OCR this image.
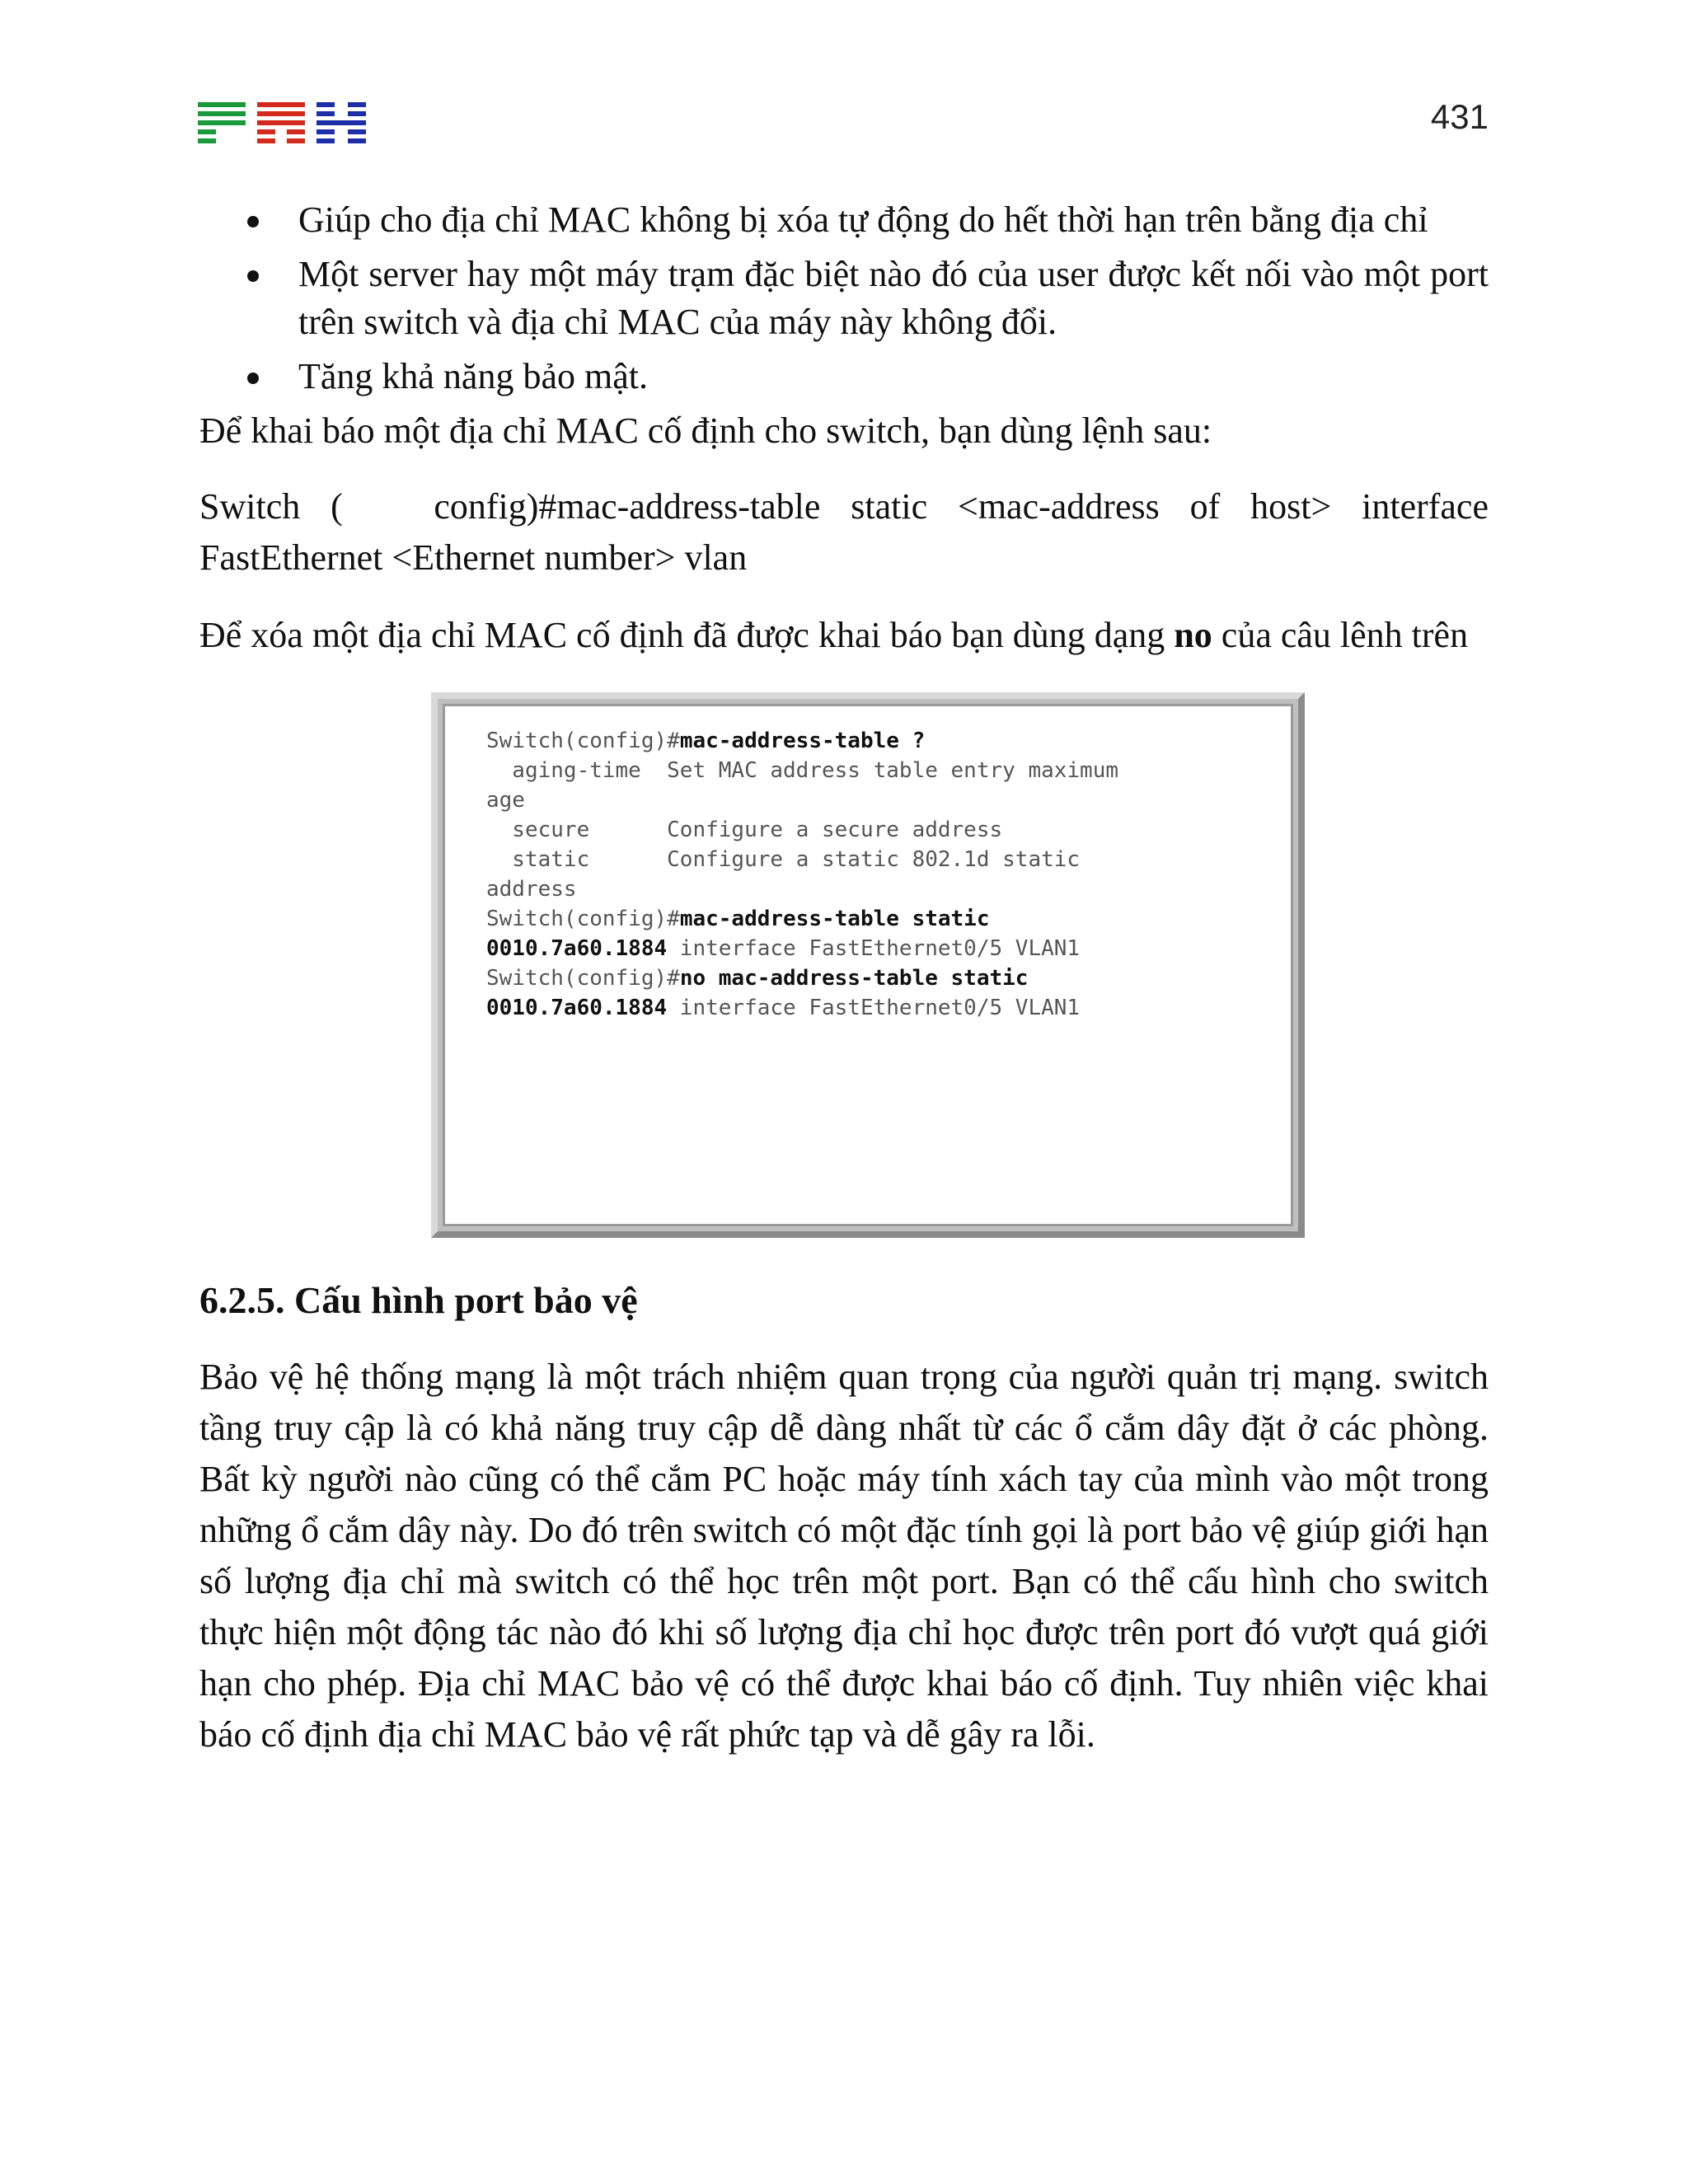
431
Giúp cho địa chỉ MAC không bị xóa tự động do hết thời hạn trên bằng địa chỉ
Một server hay một máy trạm đặc biệt nào đó của user được kết nối vào một port trên switch và địa chỉ MAC của máy này không đổi.
Tăng khả năng bảo mật.

Để khai báo một địa chỉ MAC cố định cho switch, bạn dùng lệnh sau:

Switch (   config)#mac-address-table static <mac-address of host> interface FastEthernet <Ethernet number> vlan

Để xóa một địa chỉ MAC cố định đã được khai báo bạn dùng dạng no của câu lênh trên

Switch(config)#mac-address-table ?
aging-time  Set MAC address table entry maximum
age
secure      Configure a secure address
static      Configure a static 802.1d static
address
Switch(config)#mac-address-table static
0010.7a60.1884 interface FastEthernet0/5 VLAN1
Switch(config)#no mac-address-table static
0010.7a60.1884 interface FastEthernet0/5 VLAN1
6.2.5. Cấu hình port bảo vệ

Bảo vệ hệ thống mạng là một trách nhiệm quan trọng của người quản trị mạng. switch tầng truy cập là có khả năng truy cập dễ dàng nhất từ các ổ cắm dây đặt ở các phòng. Bất kỳ người nào cũng có thể cắm PC hoặc máy tính xách tay của mình vào một trong những ổ cắm dây này. Do đó trên switch có một đặc tính gọi là port bảo vệ giúp giới hạn số lượng địa chỉ mà switch có thể học trên một port. Bạn có thể cấu hình cho switch thực hiện một động tác nào đó khi số lượng địa chỉ học được trên port đó vượt quá giới hạn cho phép. Địa chỉ MAC bảo vệ có thể được khai báo cố định. Tuy nhiên việc khai báo cố định địa chỉ MAC bảo vệ rất phức tạp và dễ gây ra lỗi.
